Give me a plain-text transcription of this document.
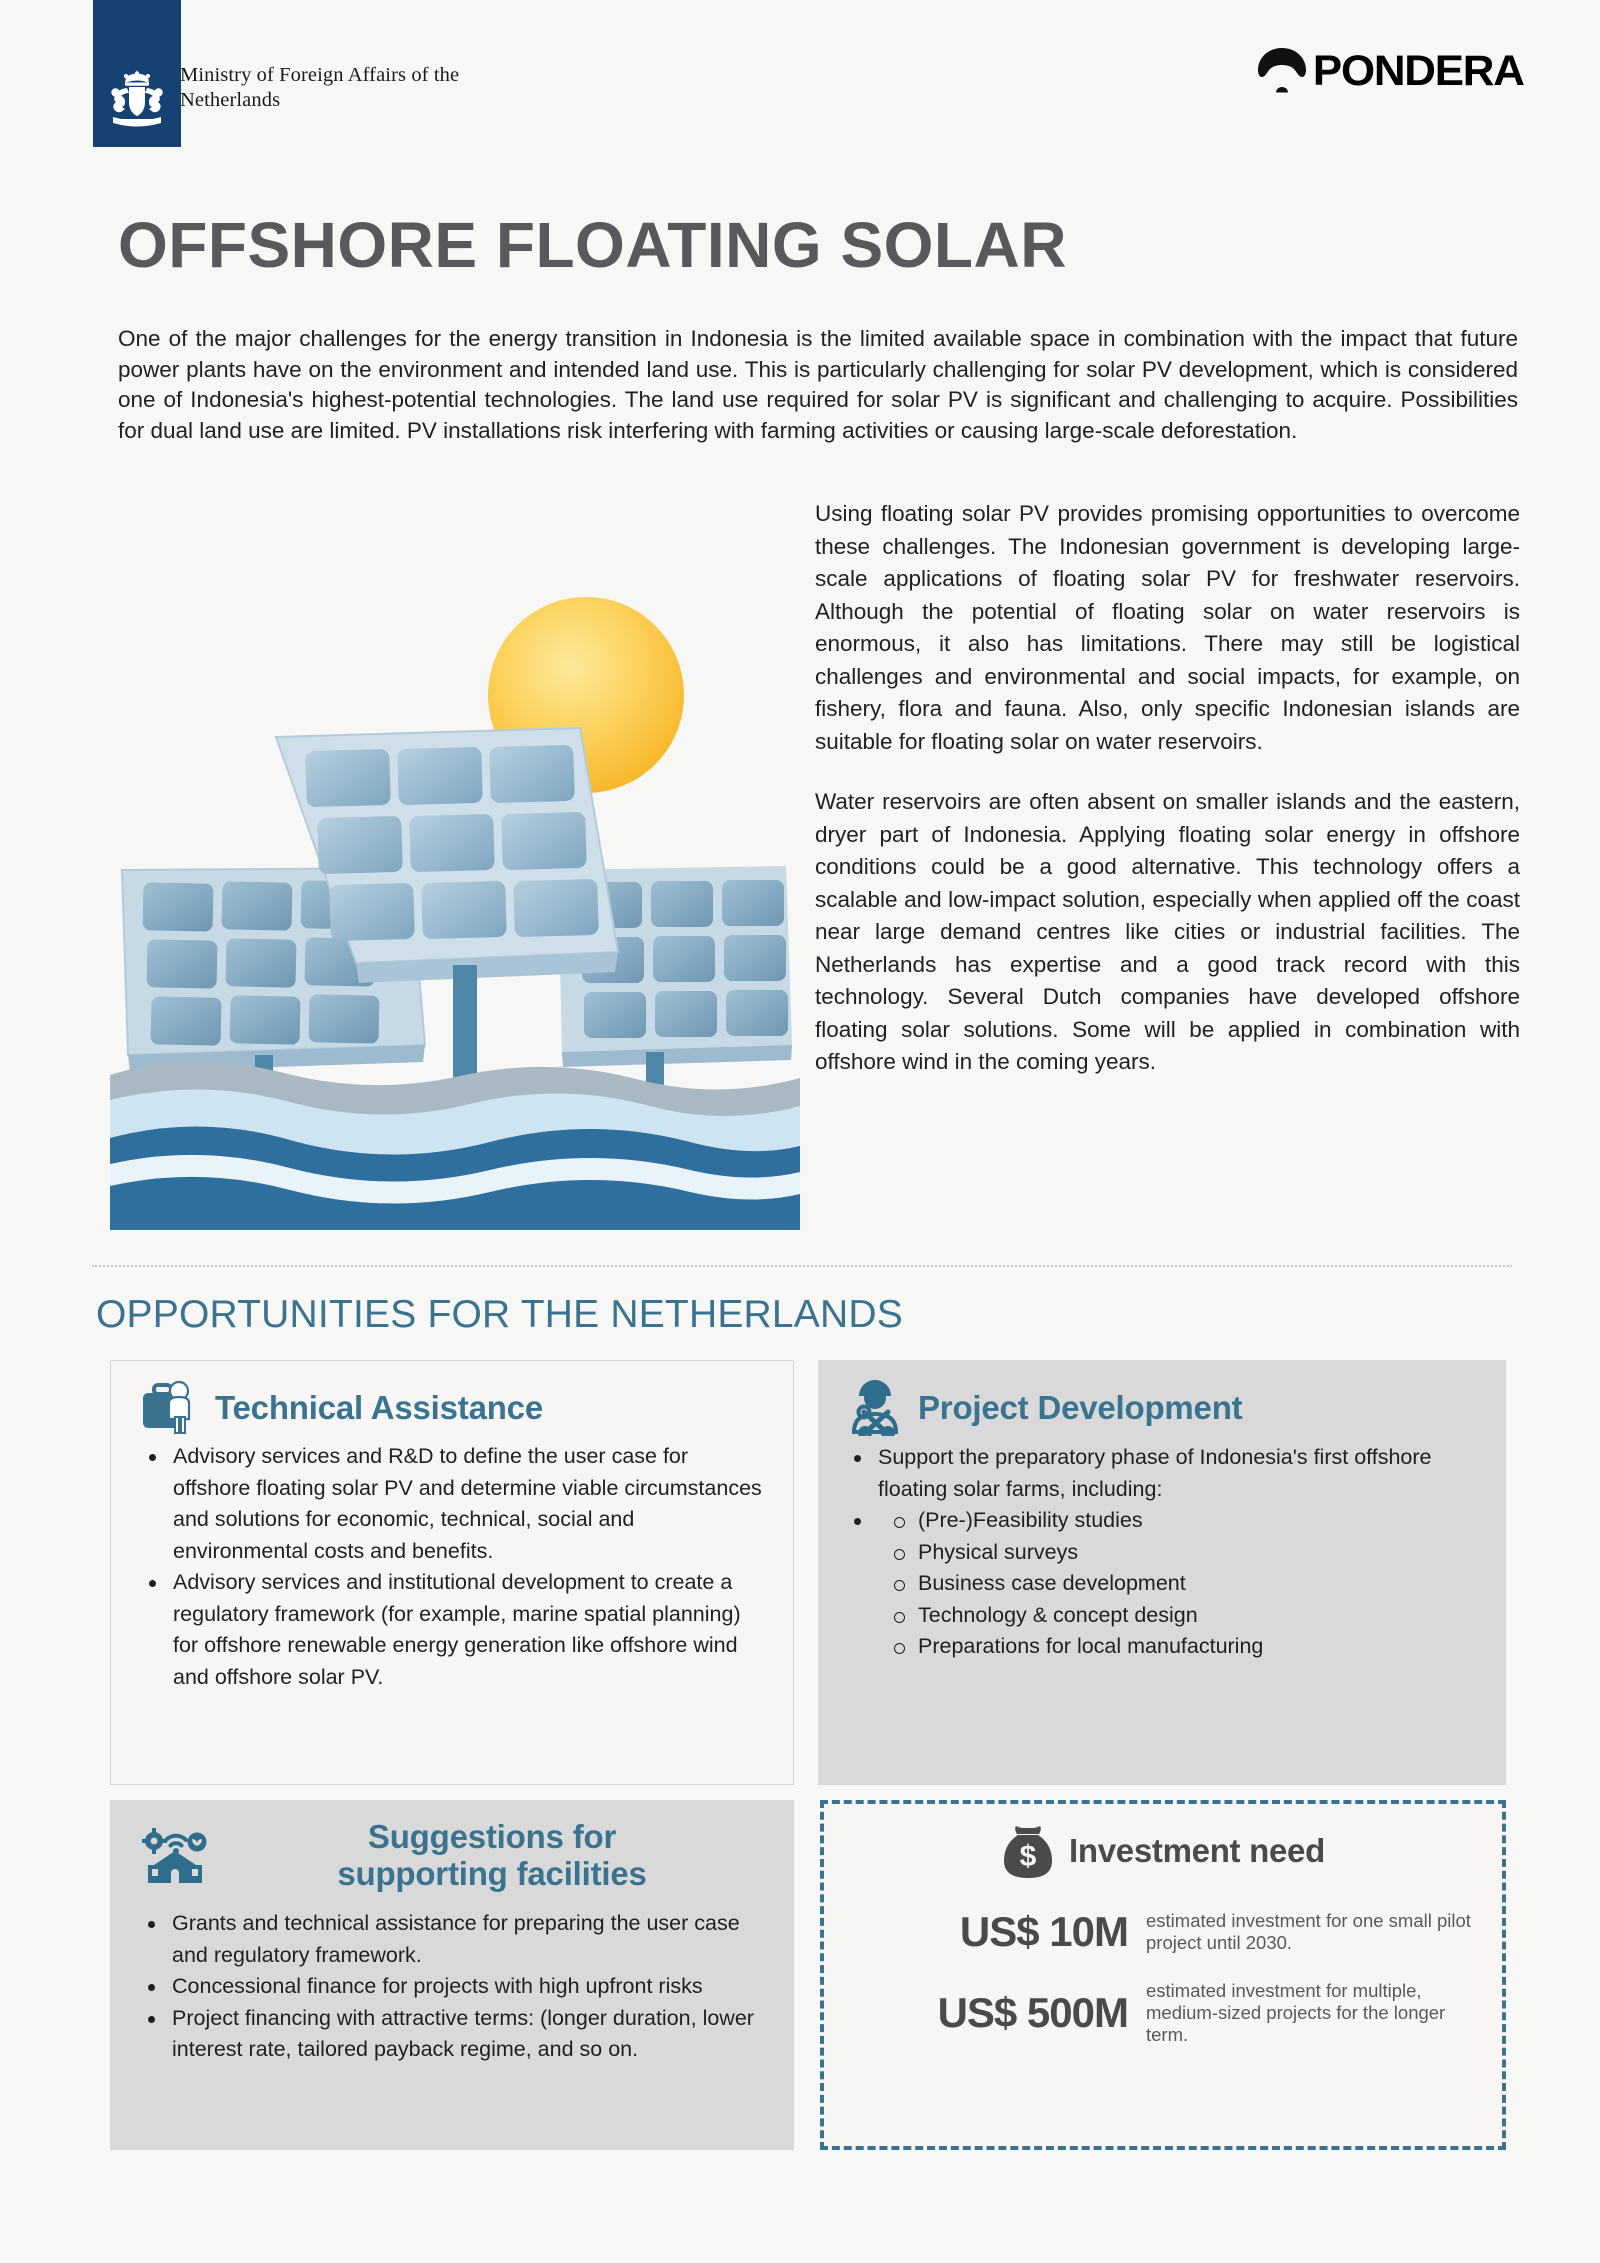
Ministry of Foreign Affairs of the
Netherlands
PONDERA
OFFSHORE FLOATING SOLAR
One of the major challenges for the energy transition in Indonesia is the limited available space in combination with the impact that future power plants have on the environment and intended land use. This is particularly challenging for solar PV development, which is considered one of Indonesia's highest-potential technologies. The land use required for solar PV is significant and challenging to acquire. Possibilities for dual land use are limited. PV installations risk interfering with farming activities or causing large-scale deforestation.

Using floating solar PV provides promising opportunities to overcome these challenges. The Indonesian government is developing large-scale applications of floating solar PV for freshwater reservoirs. Although the potential of floating solar on water reservoirs is enormous, it also has limitations. There may still be logistical challenges and environmental and social impacts, for example, on fishery, flora and fauna. Also, only specific Indonesian islands are suitable for floating solar on water reservoirs.

Water reservoirs are often absent on smaller islands and the eastern, dryer part of Indonesia. Applying floating solar energy in offshore conditions could be a good alternative. This technology offers a scalable and low-impact solution, especially when applied off the coast near large demand centres like cities or industrial facilities. The Netherlands has expertise and a good track record with this technology. Several Dutch companies have developed offshore floating solar solutions. Some will be applied in combination with offshore wind in the coming years.

OPPORTUNITIES FOR THE NETHERLANDS
Technical Assistance
Advisory services and R&D to define the user case for offshore floating solar PV and determine viable circumstances and solutions for economic, technical, social and environmental costs and benefits.
Advisory services and institutional development to create a regulatory framework (for example, marine spatial planning) for offshore renewable energy generation like offshore wind and offshore solar PV.
Project Development
Support the preparatory phase of Indonesia's first offshore floating solar farms, including:
(Pre-)Feasibility studies
Physical surveys
Business case development
Technology & concept design
Preparations for local manufacturing
Suggestions for
supporting facilities
Grants and technical assistance for preparing the user case and regulatory framework.
Concessional finance for projects with high upfront risks
Project financing with attractive terms: (longer duration, lower interest rate, tailored payback regime, and so on.
$ Investment need
US$ 10M estimated investment for one small pilot project until 2030.
US$ 500M estimated investment for multiple, medium-sized projects for the longer term.
